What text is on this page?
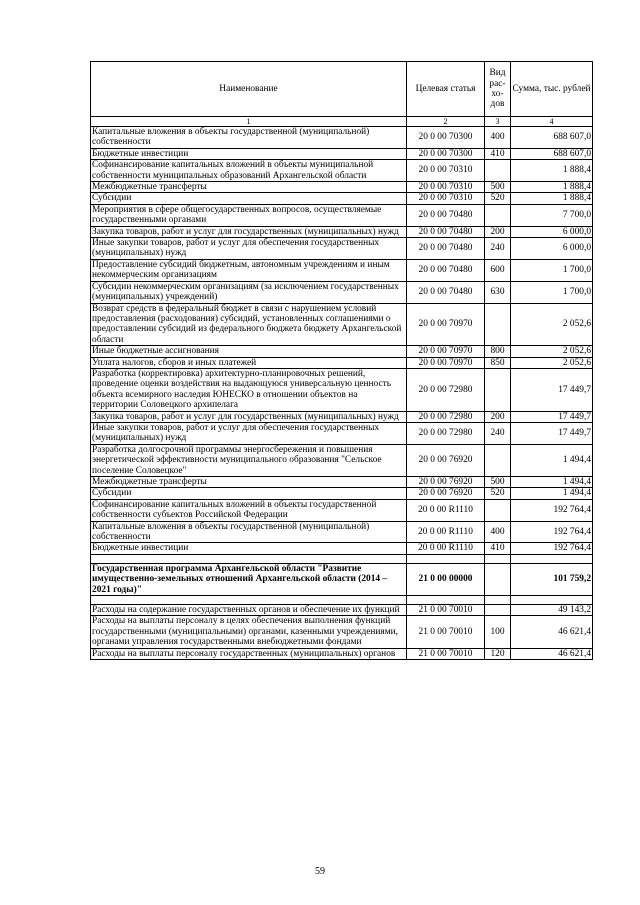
Наименование	Целевая статья	Вид рас-хо-дов	Сумма, тыс. рублей
1	2	3	4
Капитальные вложения в объекты государственной (муниципальной) собственности	20 0 00 70300	400	688 607,0
Бюджетные инвестиции	20 0 00 70300	410	688 607,0
Софинансирование капитальных вложений в объекты муниципальной собственности муниципальных образований Архангельской области	20 0 00 70310		1 888,4
Межбюджетные трансферты	20 0 00 70310	500	1 888,4
Субсидии	20 0 00 70310	520	1 888,4
Мероприятия в сфере общегосударственных вопросов, осуществляемые государственными органами	20 0 00 70480		7 700,0
Закупка товаров, работ и услуг для государственных (муниципальных) нужд	20 0 00 70480	200	6 000,0
Иные закупки товаров, работ и услуг для обеспечения государственных (муниципальных) нужд	20 0 00 70480	240	6 000,0
Предоставление субсидий бюджетным, автономным учреждениям и иным некоммерческим организациям	20 0 00 70480	600	1 700,0
Субсидии некоммерческим организациям (за исключением государственных (муниципальных) учреждений)	20 0 00 70480	630	1 700,0
Возврат средств в федеральный бюджет в связи с нарушением условий предоставления (расходования) субсидий, установленных соглашениями о предоставлении субсидий из федерального бюджета бюджету Архангельской области	20 0 00 70970		2 052,6
Иные бюджетные ассигнования	20 0 00 70970	800	2 052,6
Уплата налогов, сборов и иных платежей	20 0 00 70970	850	2 052,6
Разработка (корректировка) архитектурно-планировочных решений, проведение оценки воздействия на выдающуюся универсальную ценность объекта всемирного наследия ЮНЕСКО в отношении объектов на территории Соловецкого архипелага	20 0 00 72980		17 449,7
Закупка товаров, работ и услуг для государственных (муниципальных) нужд	20 0 00 72980	200	17 449,7
Иные закупки товаров, работ и услуг для обеспечения государственных (муниципальных) нужд	20 0 00 72980	240	17 449,7
Разработка долгосрочной программы энергосбережения и повышения энергетической эффективности муниципального образования "Сельское поселение Соловецкое"	20 0 00 76920		1 494,4
Межбюджетные трансферты	20 0 00 76920	500	1 494,4
Субсидии	20 0 00 76920	520	1 494,4
Софинансирование капитальных вложений в объекты государственной собственности субъектов Российской Федерации	20 0 00 R1110		192 764,4
Капитальные вложения в объекты государственной (муниципальной) собственности	20 0 00 R1110	400	192 764,4
Бюджетные инвестиции	20 0 00 R1110	410	192 764,4

Государственная программа Архангельской области "Развитие имущественно-земельных отношений Архангельской области (2014 – 2021 годы)"	21 0 00 00000		101 759,2

Расходы на содержание государственных органов и обеспечение их функций	21 0 00 70010		49 143,2
Расходы на выплаты персоналу в целях обеспечения выполнения функций государственными (муниципальными) органами, казенными учреждениями, органами управления государственными внебюджетными фондами	21 0 00 70010	100	46 621,4
Расходы на выплаты персоналу государственных (муниципальных) органов	21 0 00 70010	120	46 621,4
59
